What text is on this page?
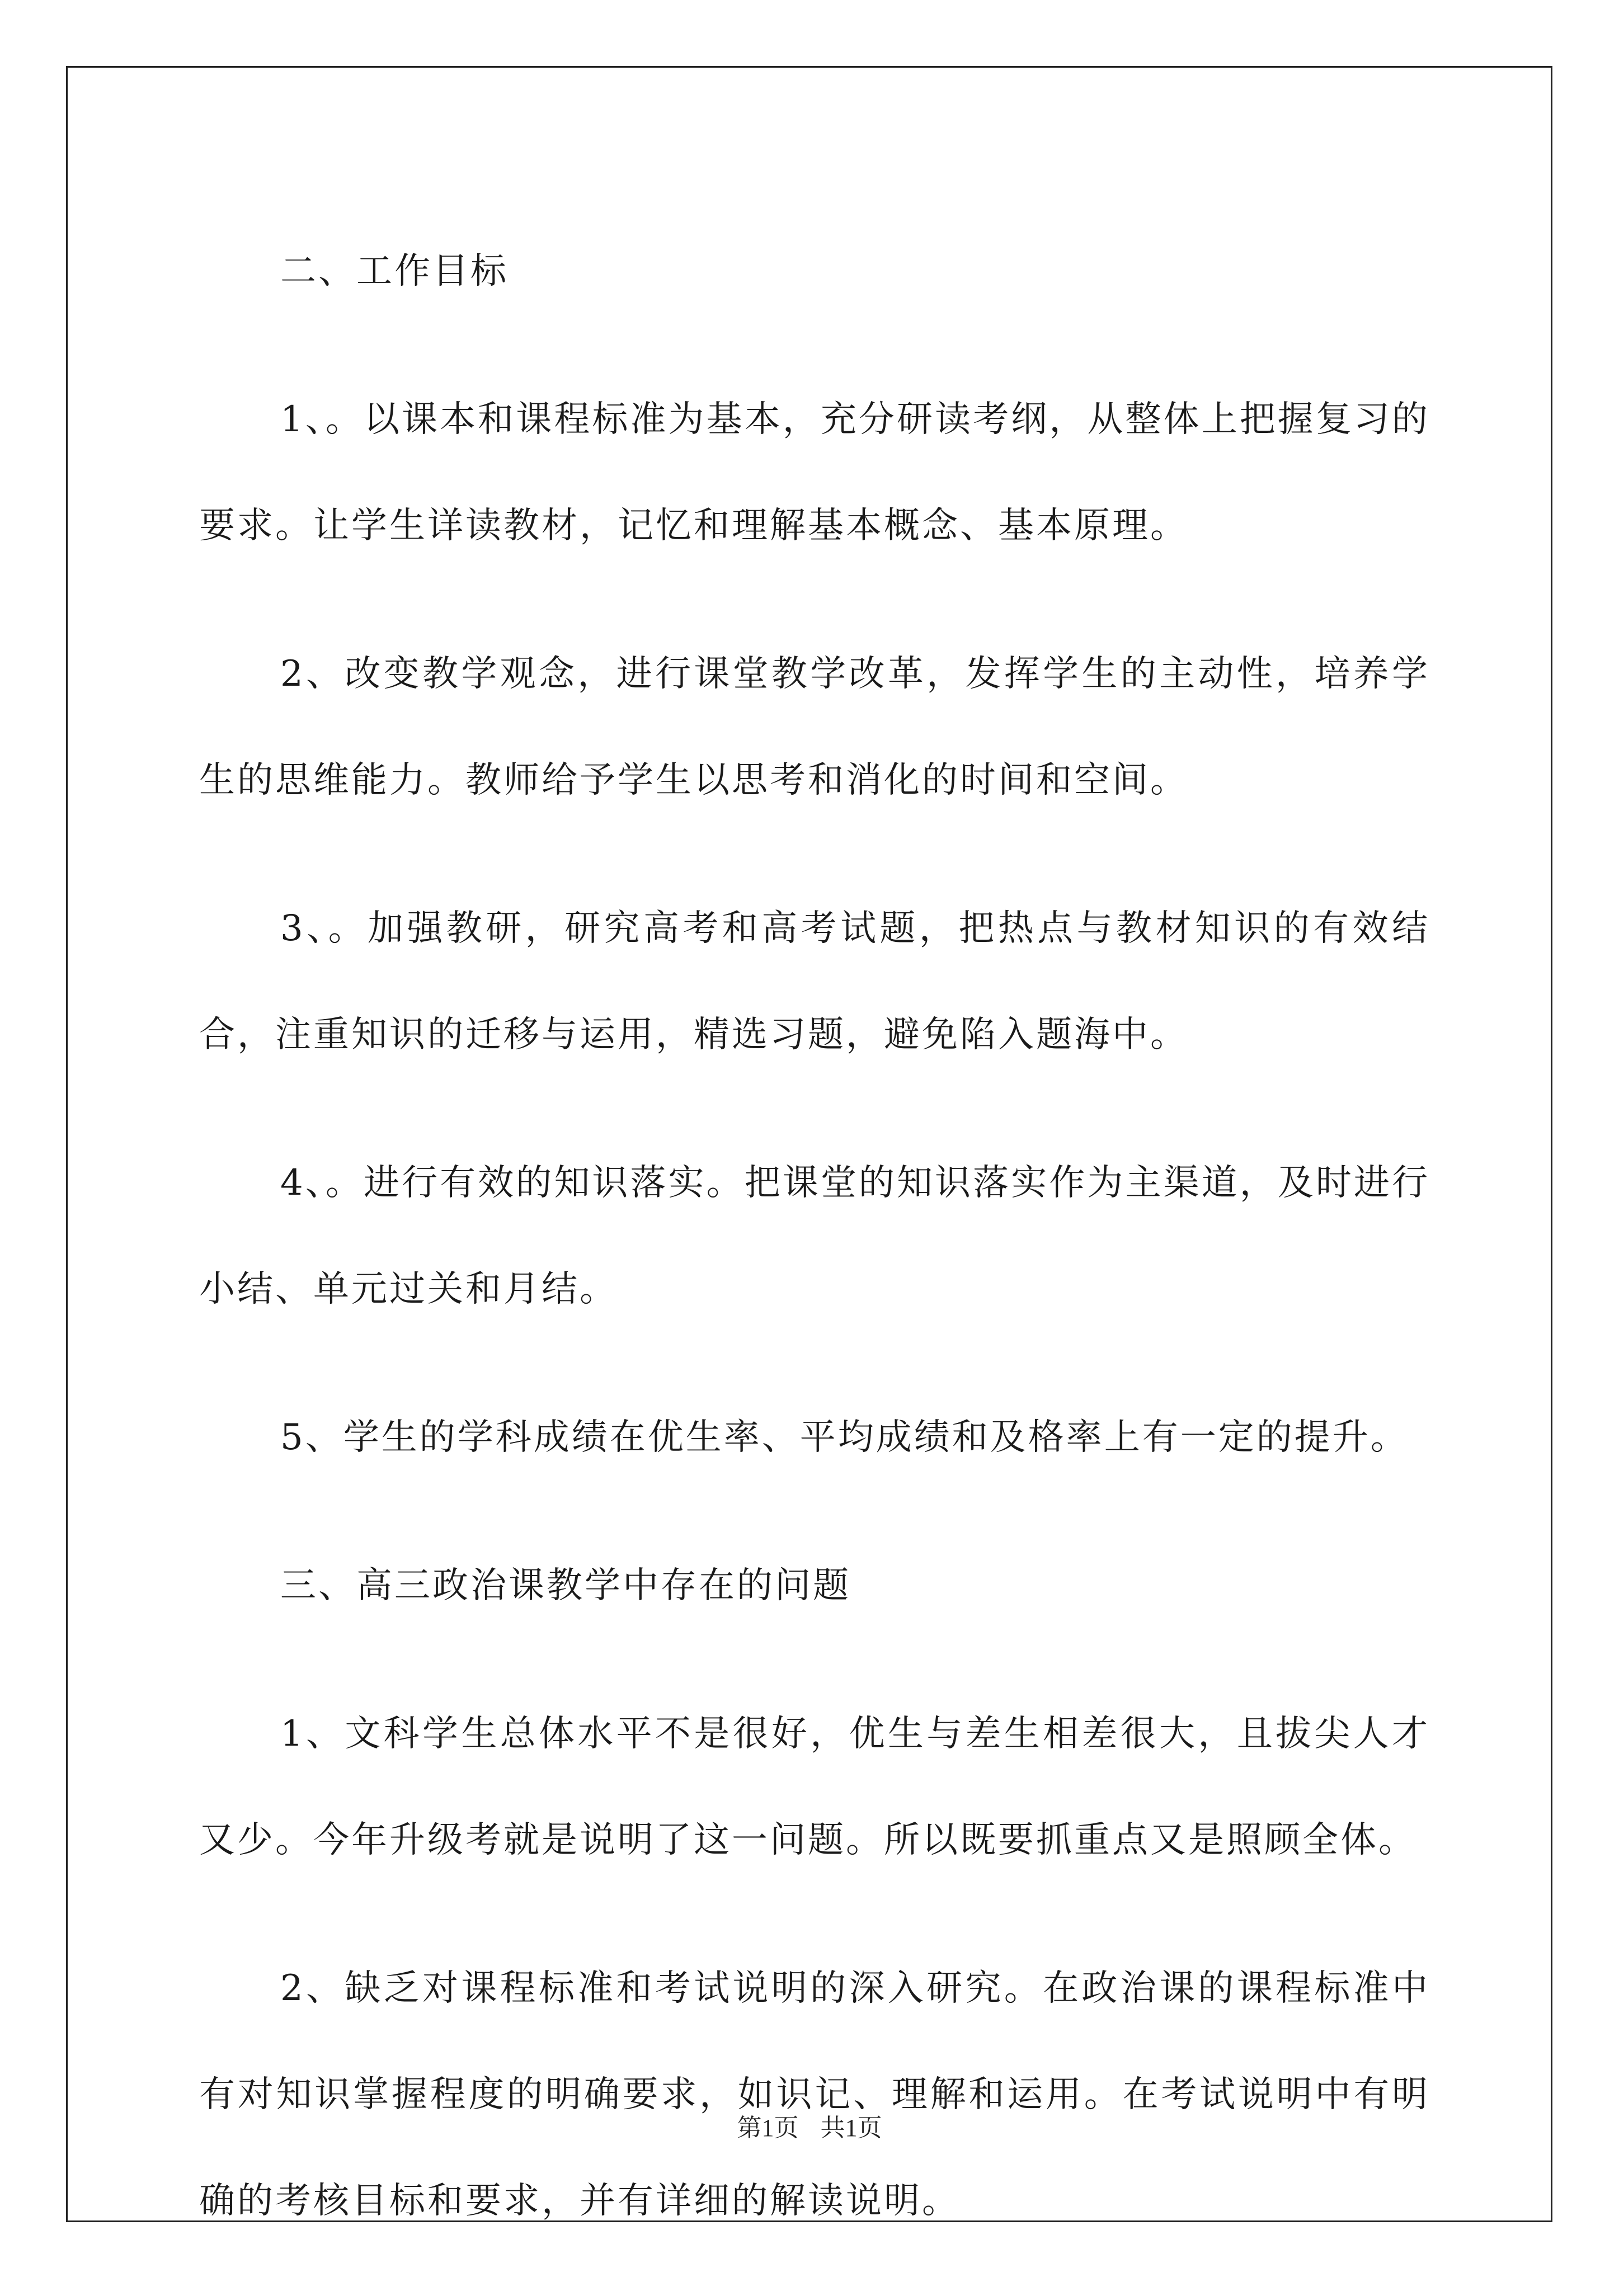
二、工作目标

1、。以课本和课程标准为基本，充分研读考纲，从整体上把握复习的要求。让学生详读教材，记忆和理解基本概念、基本原理。

2、改变教学观念，进行课堂教学改革，发挥学生的主动性，培养学生的思维能力。教师给予学生以思考和消化的时间和空间。

3、。加强教研，研究高考和高考试题，把热点与教材知识的有效结合，注重知识的迁移与运用，精选习题，避免陷入题海中。

4、。进行有效的知识落实。把课堂的知识落实作为主渠道，及时进行小结、单元过关和月结。

5、学生的学科成绩在优生率、平均成绩和及格率上有一定的提升。

三、高三政治课教学中存在的问题

1、文科学生总体水平不是很好，优生与差生相差很大，且拔尖人才又少。今年升级考就是说明了这一问题。所以既要抓重点又是照顾全体。

2、缺乏对课程标准和考试说明的深入研究。在政治课的课程标准中有对知识掌握程度的明确要求，如识记、理解和运用。在考试说明中有明确的考核目标和要求，并有详细的解读说明。

第1页 共1页
